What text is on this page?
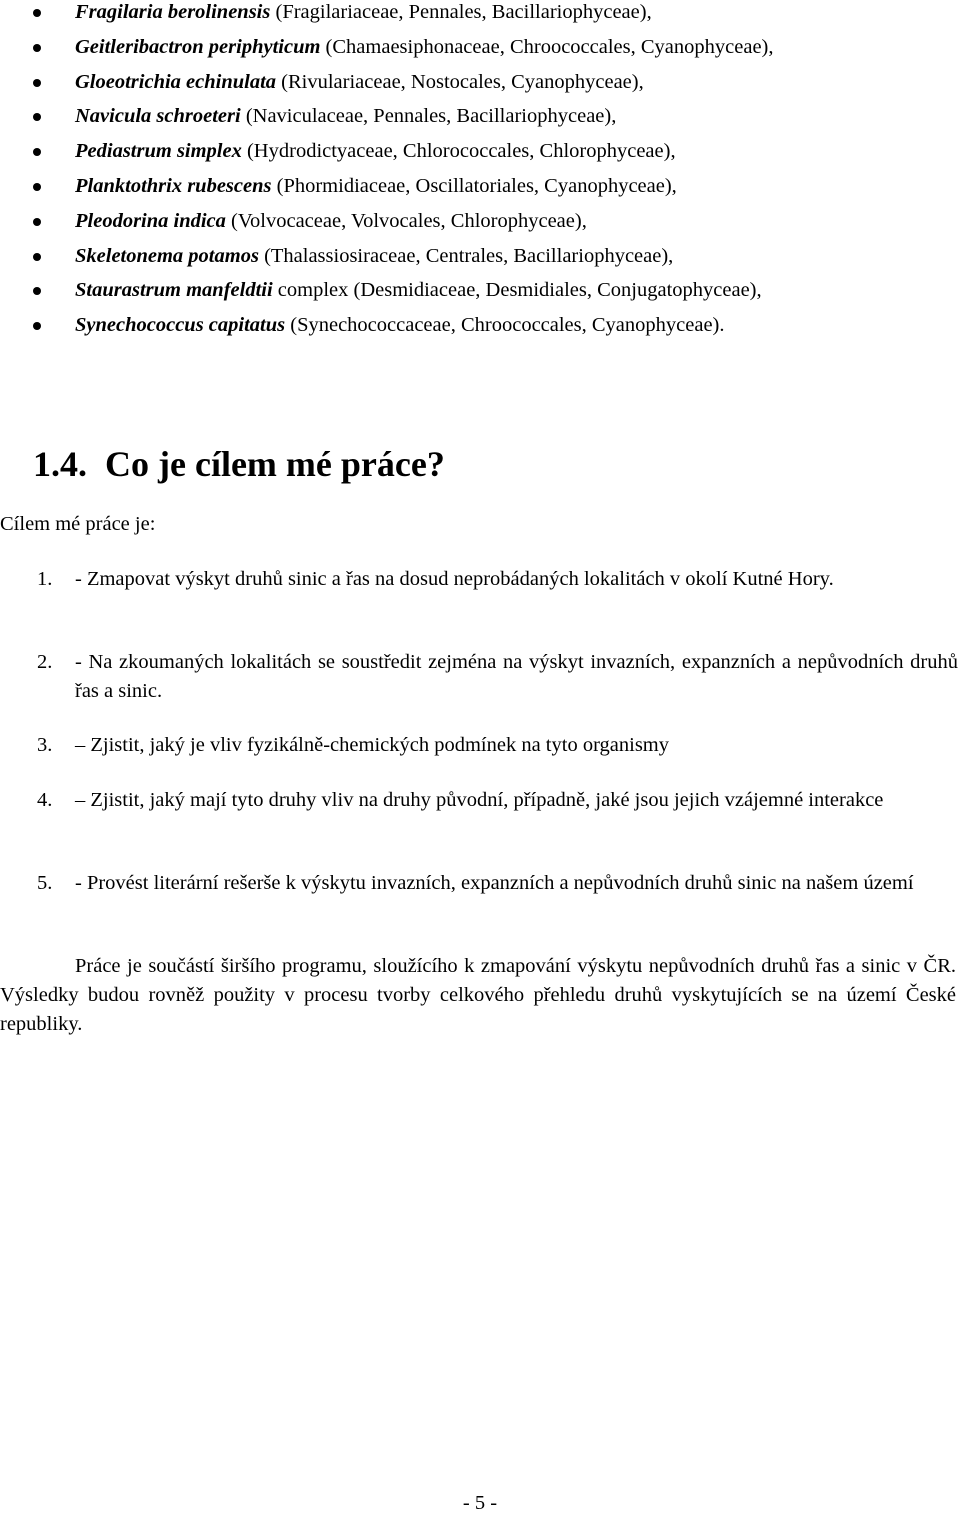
Fragilaria berolinensis (Fragilariaceae, Pennales, Bacillariophyceae),
Geitleribactron periphyticum (Chamaesiphonaceae, Chroococcales, Cyanophyceae),
Gloeotrichia echinulata (Rivulariaceae, Nostocales, Cyanophyceae),
Navicula schroeteri (Naviculaceae, Pennales, Bacillariophyceae),
Pediastrum simplex (Hydrodictyaceae, Chlorococcales, Chlorophyceae),
Planktothrix rubescens (Phormidiaceae, Oscillatoriales, Cyanophyceae),
Pleodorina indica (Volvocaceae, Volvocales, Chlorophyceae),
Skeletonema potamos (Thalassiosiraceae, Centrales, Bacillariophyceae),
Staurastrum manfeldtii complex (Desmidiaceae, Desmidiales, Conjugatophyceae),
Synechococcus capitatus (Synechococcaceae, Chroococcales, Cyanophyceae).
1.4. Co je cílem mé práce?

Cílem mé práce je:

1. - Zmapovat výskyt druhů sinic a řas na dosud neprobádaných lokalitách v okolí Kutné Hory.
2. - Na zkoumaných lokalitách se soustředit zejména na výskyt invazních, expanzních a nepůvodních druhů řas a sinic.
3. – Zjistit, jaký je vliv fyzikálně-chemických podmínek na tyto organismy
4. – Zjistit, jaký mají tyto druhy vliv na druhy původní, případně, jaké jsou jejich vzájemné interakce
5. - Provést literární rešerše k výskytu invazních, expanzních a nepůvodních druhů sinic na našem území

Práce je součástí širšího programu, sloužícího k zmapování výskytu nepůvodních druhů řas a sinic v ČR. Výsledky budou rovněž použity v procesu tvorby celkového přehledu druhů vyskytujících se na území České republiky.

- 5 -
